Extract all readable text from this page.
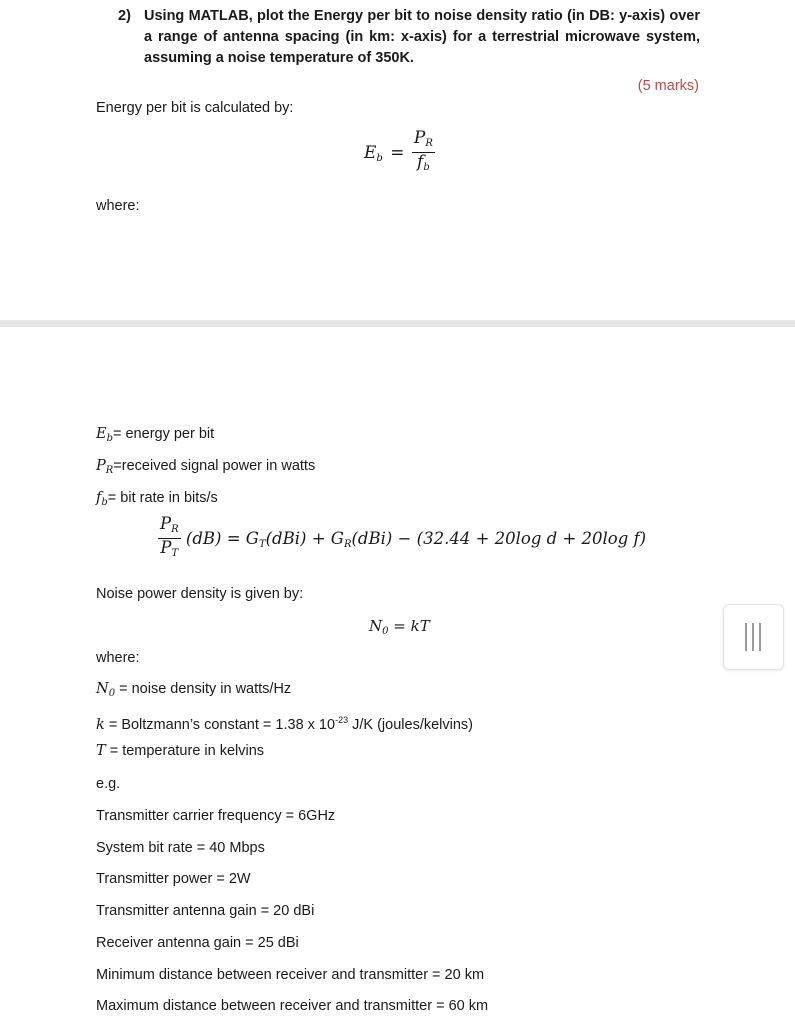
2) Using MATLAB, plot the Energy per bit to noise density ratio (in DB: y-axis) over a range of antenna spacing (in km: x-axis) for a terrestrial microwave system, assuming a noise temperature of 350K.
(5 marks)
Energy per bit is calculated by:
$E_b = \frac{P_R}{f_b}$
where:
$E_b=$ energy per bit
$P_R=received$ signal power in watts
$f_b=$ bit rate in bits/s
$\frac{P_R}{P_T} (dB) = G_T(dBi) + G_R(dBi) - (32.44 + 20\log$ d + 20log f)
Noise power density is given by:
$N_0$ = kT
where:
$N_0$ = noise density in watts/Hz
k = Boltzmann’s constant = 1.38 x $10^{-23}$ J/K (joules/kelvins)
T = temperature in kelvins
e.g.
Transmitter carrier frequency = 6GHz
System bit rate = 40 Mbps
Transmitter power = 2W
Transmitter antenna gain = 20 dBi
Receiver antenna gain = 25 dBi
Minimum distance between receiver and transmitter = 20 km
Maximum distance between receiver and transmitter = 60 km
